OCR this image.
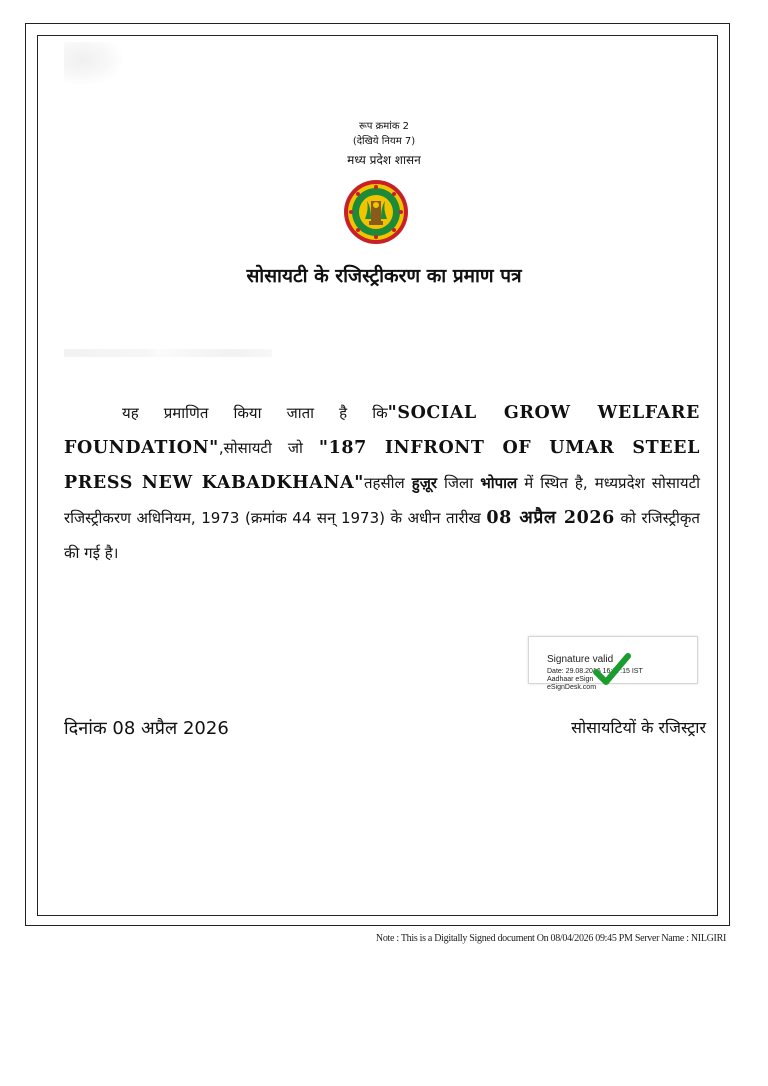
रूप क्रमांक 2
(देखिये नियम 7)
मध्य प्रदेश शासन
सोसायटी के रजिस्ट्रीकरण का प्रमाण पत्र
यह प्रमाणित किया जाता है कि"SOCIAL GROW WELFARE FOUNDATION",सोसायटी जो "187 INFRONT OF UMAR STEEL PRESS NEW KABADKHANA"तहसील हुज़ूर जिला भोपाल में स्थित है, मध्यप्रदेश सोसायटी रजिस्ट्रीकरण अधिनियम, 1973 (क्रमांक 44 सन् 1973) के अधीन तारीख 08 अप्रैल 2026 को रजिस्ट्रीकृत की गई है।
Signature valid
Date: 29.08.2016 16:07:15 IST
Aadhaar eSign
eSignDesk.com
दिनांक 08 अप्रैल 2026	सोसायटियों के रजिस्ट्रार
Note : This is a Digitally Signed document On 08/04/2026 09:45 PM Server Name : NILGIRI
